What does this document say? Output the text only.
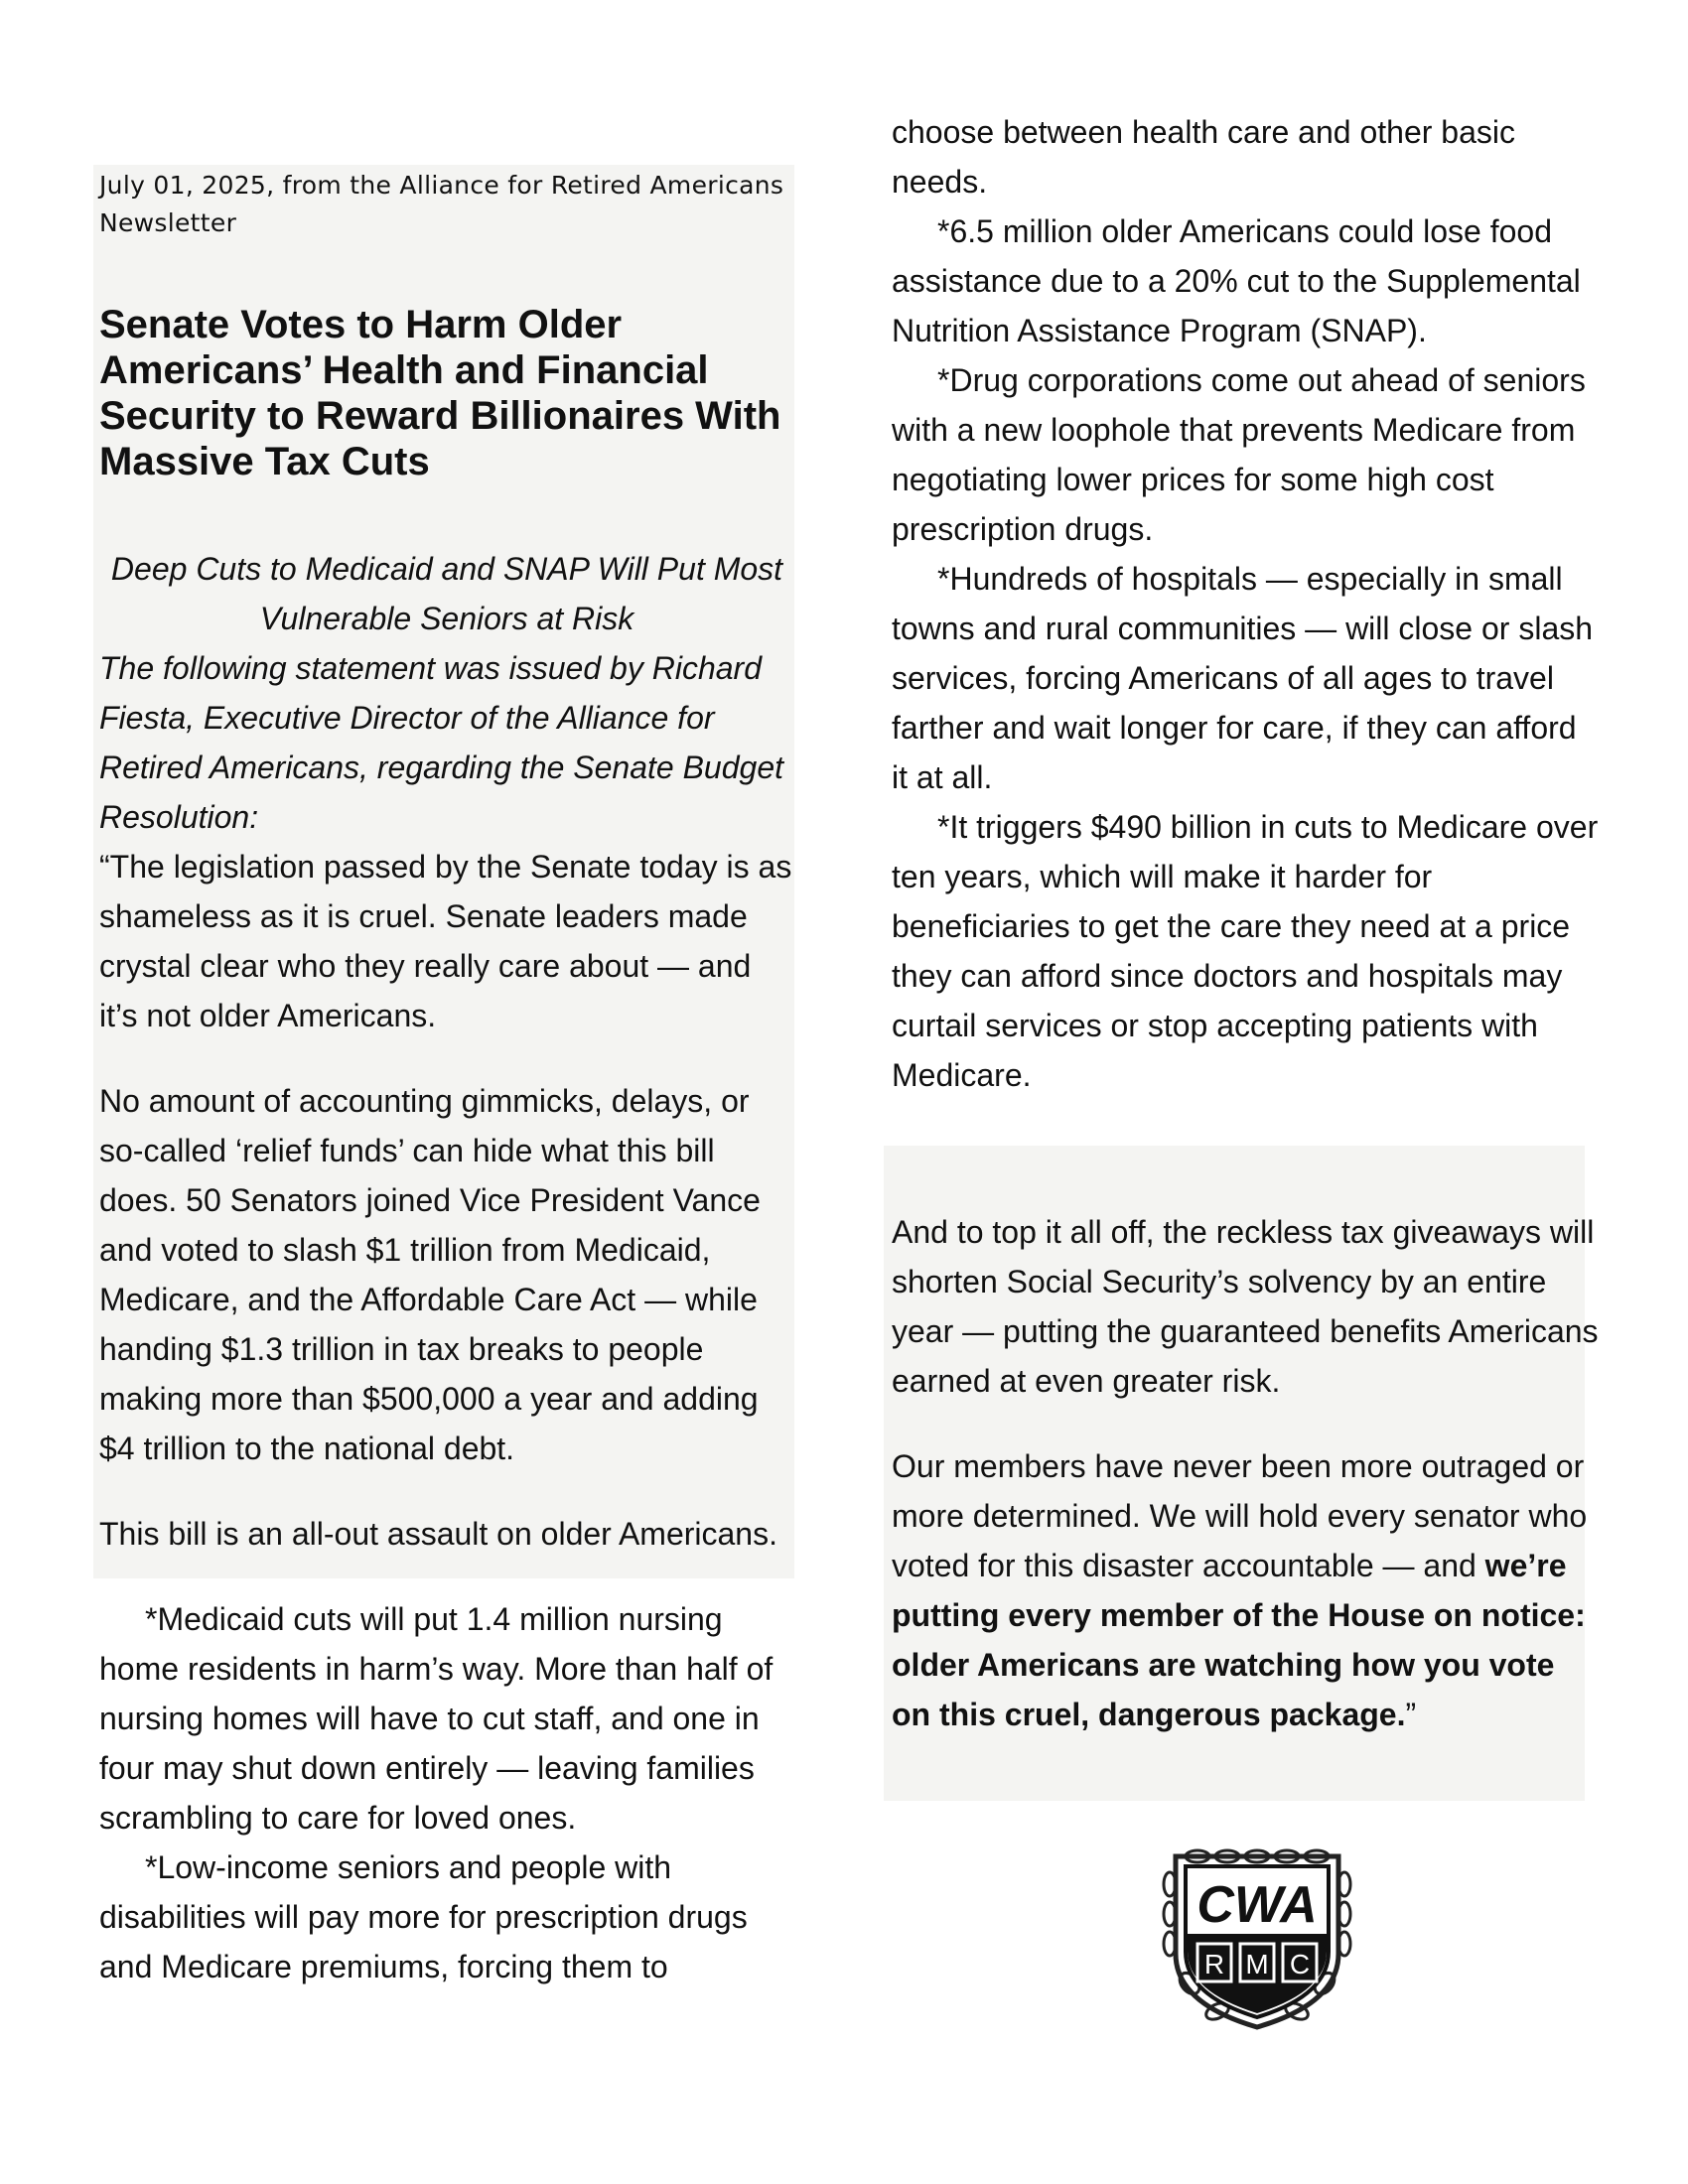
July 01, 2025, from the Alliance for Retired Americans Newsletter

Senate Votes to Harm Older Americans’ Health and Financial Security to Reward Billionaires With Massive Tax Cuts

Deep Cuts to Medicaid and SNAP Will Put Most Vulnerable Seniors at Risk

The following statement was issued by Richard Fiesta, Executive Director of the Alliance for Retired Americans, regarding the Senate Budget Resolution:

“The legislation passed by the Senate today is as shameless as it is cruel. Senate leaders made crystal clear who they really care about — and it’s not older Americans.

No amount of accounting gimmicks, delays, or so-called ‘relief funds’ can hide what this bill does. 50 Senators joined Vice President Vance and voted to slash $1 trillion from Medicaid, Medicare, and the Affordable Care Act — while handing $1.3 trillion in tax breaks to people making more than $500,000 a year and adding $4 trillion to the national debt.

This bill is an all-out assault on older Americans.

*Medicaid cuts will put 1.4 million nursing home residents in harm’s way. More than half of nursing homes will have to cut staff, and one in four may shut down entirely — leaving families scrambling to care for loved ones.

*Low-income seniors and people with disabilities will pay more for prescription drugs and Medicare premiums, forcing them to

choose between health care and other basic needs.

*6.5 million older Americans could lose food assistance due to a 20% cut to the Supplemental Nutrition Assistance Program (SNAP).

*Drug corporations come out ahead of seniors with a new loophole that prevents Medicare from negotiating lower prices for some high cost prescription drugs.

*Hundreds of hospitals — especially in small towns and rural communities — will close or slash services, forcing Americans of all ages to travel farther and wait longer for care, if they can afford it at all.

*It triggers $490 billion in cuts to Medicare over ten years, which will make it harder for beneficiaries to get the care they need at a price they can afford since doctors and hospitals may curtail services or stop accepting patients with Medicare.

And to top it all off, the reckless tax giveaways will shorten Social Security’s solvency by an entire year — putting the guaranteed benefits Americans earned at even greater risk.

Our members have never been more outraged or more determined. We will hold every senator who voted for this disaster accountable — and we’re putting every member of the House on notice: older Americans are watching how you vote on this cruel, dangerous package.”

CWA
R M C
